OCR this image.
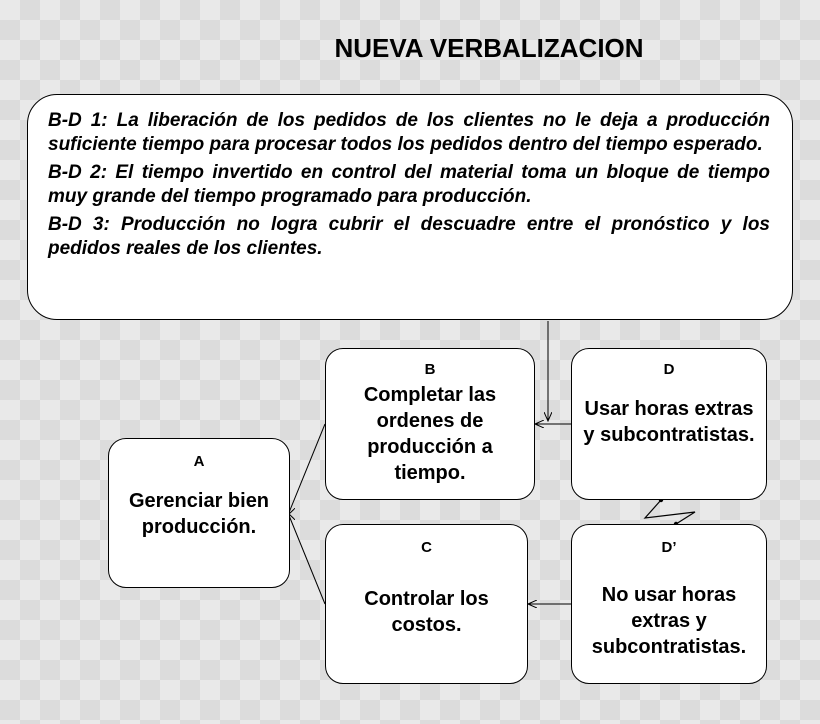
NUEVA VERBALIZACION

B-D 1: La liberación de los pedidos de los clientes no le deja a producción suficiente tiempo para procesar todos los pedidos dentro del tiempo esperado.

B-D 2: El tiempo invertido en control del material toma un bloque de tiempo muy grande del tiempo programado para producción.

B-D 3: Producción no logra cubrir el descuadre entre el pronóstico y los pedidos reales de los clientes.

A
Gerenciar bien producción.
B
Completar las ordenes de producción a tiempo.
C
Controlar los costos.
D
Usar horas extras y subcontratistas.
D’
No usar horas extras y subcontratistas.
